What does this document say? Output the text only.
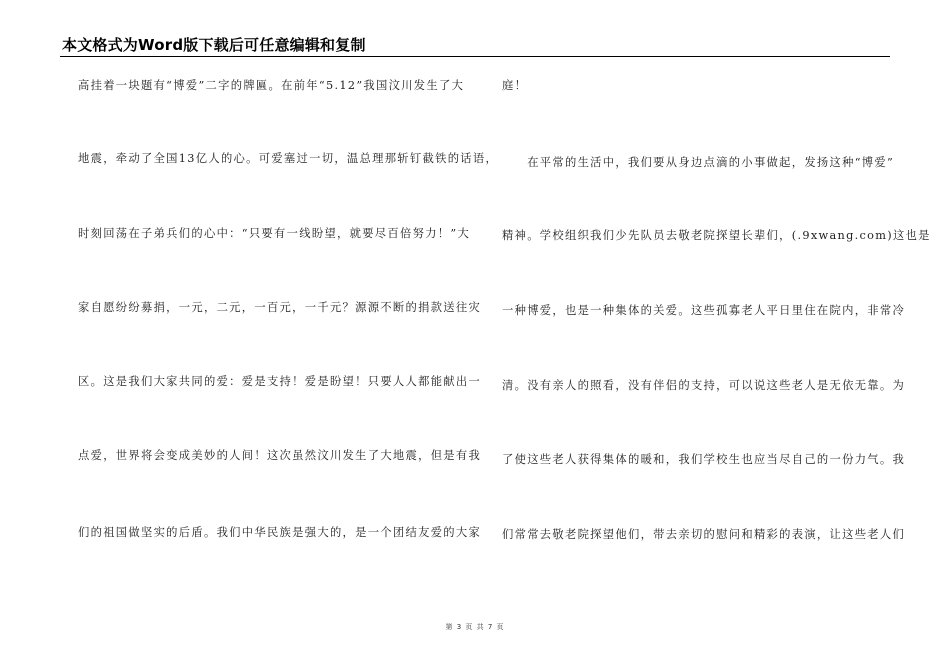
本文格式为Word版下载后可任意编辑和复制
高挂着一块题有“博爱”二字的牌匾。在前年“5.12”我国汶川发生了大
地震，牵动了全国13亿人的心。可爱塞过一切，温总理那斩钉截铁的话语，
时刻回荡在子弟兵们的心中：“只要有一线盼望，就要尽百倍努力！”大
家自愿纷纷募捐，一元，二元，一百元，一千元？源源不断的捐款送往灾
区。这是我们大家共同的爱：爱是支持！爱是盼望！只要人人都能献出一
点爱，世界将会变成美妙的人间！这次虽然汶川发生了大地震，但是有我
们的祖国做坚实的后盾。我们中华民族是强大的，是一个团结友爱的大家
庭！
　　在平常的生活中，我们要从身边点滴的小事做起，发扬这种“博爱”
精神。学校组织我们少先队员去敬老院探望长辈们，(.9xwang.com)这也是
一种博爱，也是一种集体的关爱。这些孤寡老人平日里住在院内，非常冷
清。没有亲人的照看，没有伴侣的支持，可以说这些老人是无依无靠。为
了使这些老人获得集体的暖和，我们学校生也应当尽自己的一份力气。我
们常常去敬老院探望他们，带去亲切的慰问和精彩的表演，让这些老人们
第 3 页 共 7 页
